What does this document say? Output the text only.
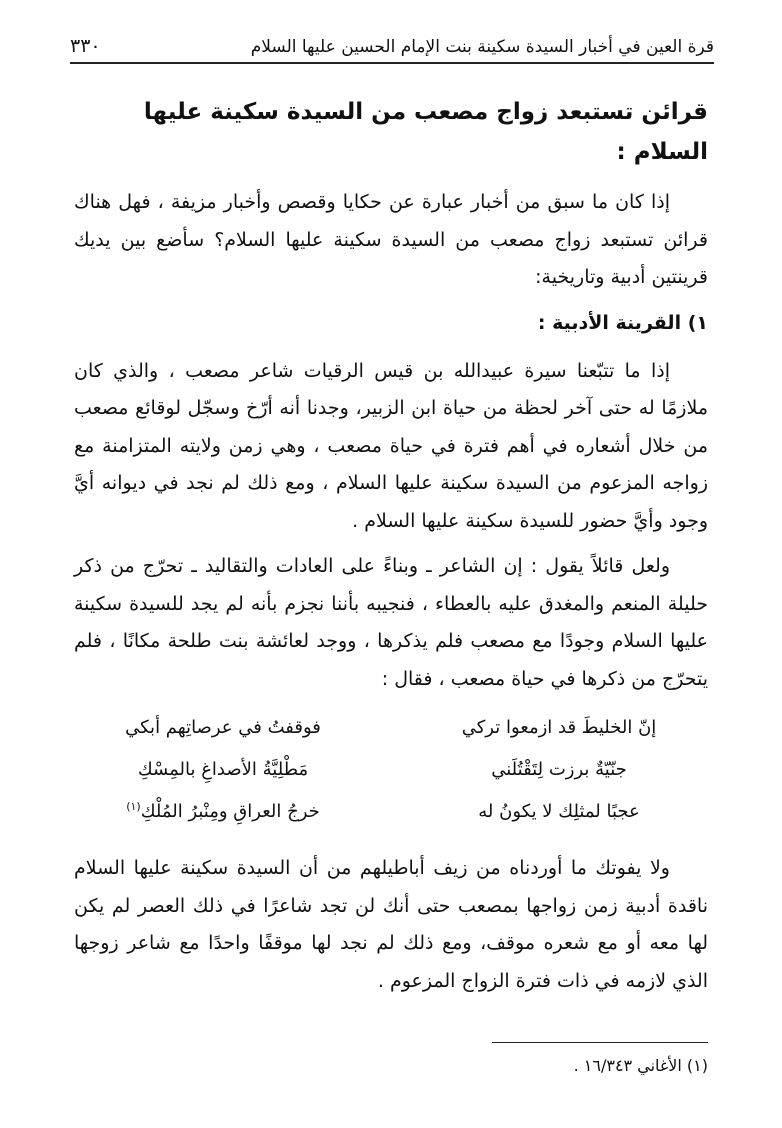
قرة العين في أخبار السيدة سكينة بنت الإمام الحسين عليها السلام
٣٣٠
قرائن تستبعد زواج مصعب من السيدة سكينة عليها السلام :

إذا كان ما سبق من أخبار عبارة عن حكايا وقصص وأخبار مزيفة ، فهل هناك قرائن تستبعد زواج مصعب من السيدة سكينة عليها السلام؟ سأضع بين يديك قرينتين أدبية وتاريخية:

١) القرينة الأدبية :

إذا ما تتبّعنا سيرة عبيدالله بن قيس الرقيات شاعر مصعب ، والذي كان ملازمًا له حتى آخر لحظة من حياة ابن الزبير، وجدنا أنه أرّخ وسجّل لوقائع مصعب من خلال أشعاره في أهم فترة في حياة مصعب ، وهي زمن ولايته المتزامنة مع زواجه المزعوم من السيدة سكينة عليها السلام ، ومع ذلك لم نجد في ديوانه أيَّ وجود وأيَّ حضور للسيدة سكينة عليها السلام .

ولعل قائلاً يقول : إن الشاعر ـ وبناءً على العادات والتقاليد ـ تحرّج من ذكر حليلة المنعم والمغدق عليه بالعطاء ، فنجيبه بأننا نجزم بأنه لم يجد للسيدة سكينة عليها السلام وجودًا مع مصعب فلم يذكرها ، ووجد لعائشة بنت طلحة مكانًا ، فلم يتحرّج من ذكرها في حياة مصعب ، فقال :

إنّ الخليطَ قد ازمعوا تركي
فوقفتُ في عرصاتِهم أبكي
جنّيّةٌ برزت لِتَقْتُلَني
مَطْلِيَّةُ الأصداغِ بالمِسْكِ
عجبًا لمثلِك لا يكونُ له
خرجُ العراقِ ومِنْبرُ المُلْكِ$^{(١)}$

ولا يفوتك ما أوردناه من زيف أباطيلهم من أن السيدة سكينة عليها السلام ناقدة أدبية زمن زواجها بمصعب حتى أنك لن تجد شاعرًا في ذلك العصر لم يكن لها معه أو مع شعره موقف، ومع ذلك لم نجد لها موقفًا واحدًا مع شاعر زوجها الذي لازمه في ذات فترة الزواج المزعوم .

(١) الأغاني ١٦/٣٤٣ .
